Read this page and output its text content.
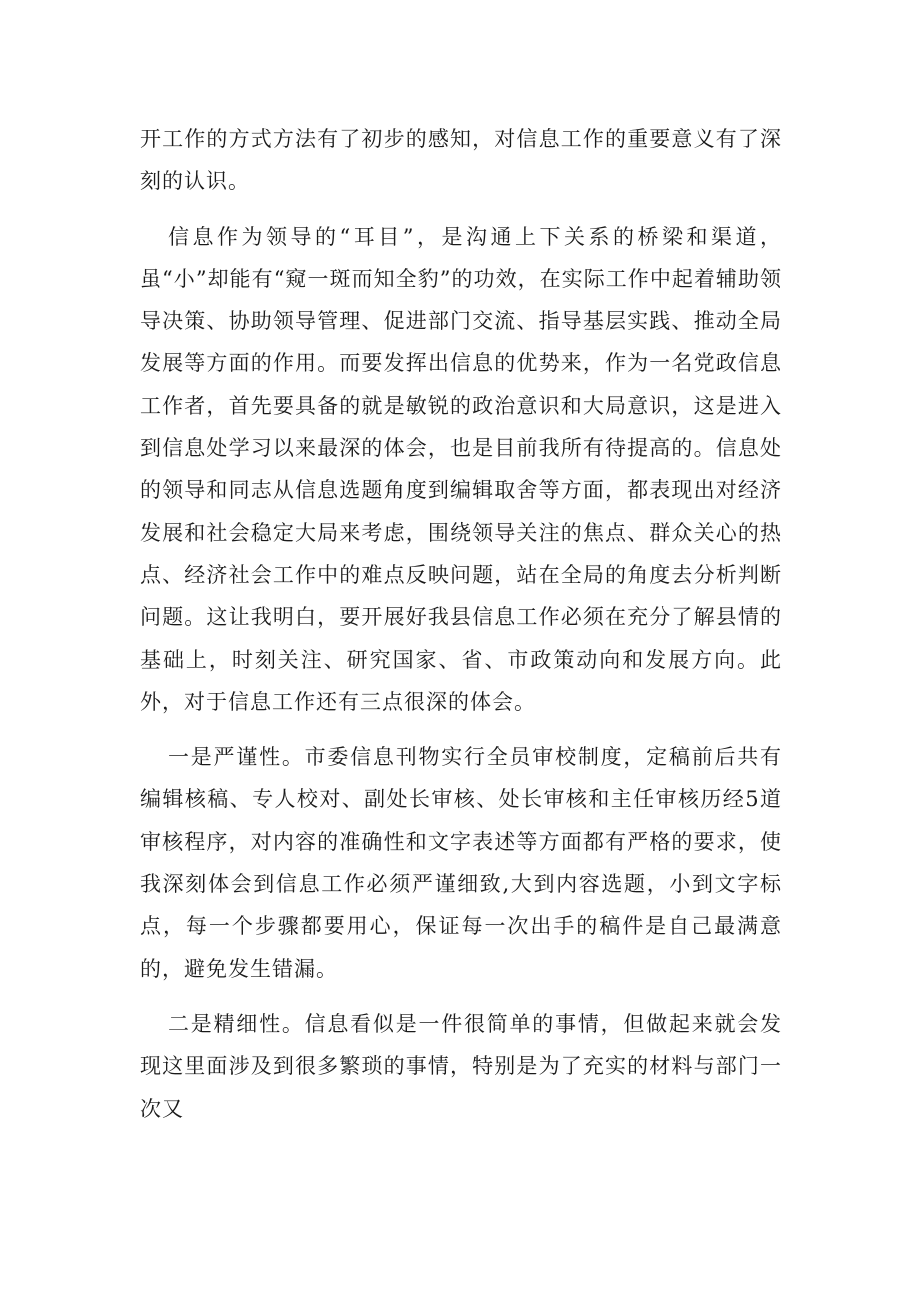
开工作的方式方法有了初步的感知，对信息工作的重要意义有了深刻的认识。

信息作为领导的“耳目”，是沟通上下关系的桥梁和渠道，虽“小”却能有“窥一斑而知全豹”的功效，在实际工作中起着辅助领导决策、协助领导管理、促进部门交流、指导基层实践、推动全局发展等方面的作用。而要发挥出信息的优势来，作为一名党政信息工作者，首先要具备的就是敏锐的政治意识和大局意识，这是进入到信息处学习以来最深的体会，也是目前我所有待提高的。信息处的领导和同志从信息选题角度到编辑取舍等方面，都表现出对经济发展和社会稳定大局来考虑，围绕领导关注的焦点、群众关心的热点、经济社会工作中的难点反映问题，站在全局的角度去分析判断问题。这让我明白，要开展好我县信息工作必须在充分了解县情的基础上，时刻关注、研究国家、省、市政策动向和发展方向。此外，对于信息工作还有三点很深的体会。

一是严谨性。市委信息刊物实行全员审校制度，定稿前后共有编辑核稿、专人校对、副处长审核、处长审核和主任审核历经5道审核程序，对内容的准确性和文字表述等方面都有严格的要求，使我深刻体会到信息工作必须严谨细致,大到内容选题，小到文字标点，每一个步骤都要用心，保证每一次出手的稿件是自己最满意的，避免发生错漏。

二是精细性。信息看似是一件很简单的事情，但做起来就会发现这里面涉及到很多繁琐的事情，特别是为了充实的材料与部门一次又
